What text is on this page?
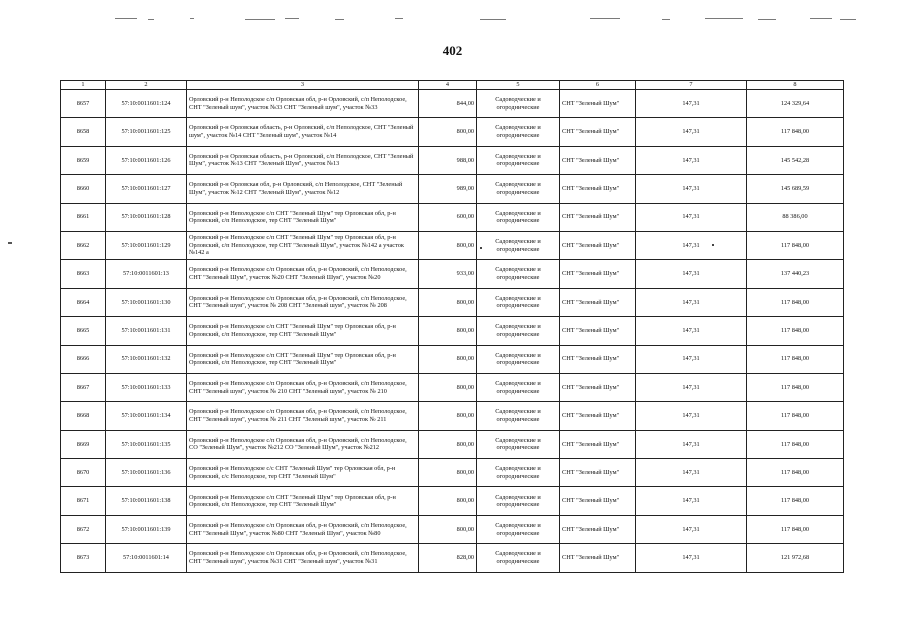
402
1	2	3	4	5	6	7	8
8657	57:10:0011601:124	Орловский р-н Неполодское с/п Орловская обл, р-н Орловский, с/п Неполодское, СНТ "Зеленый шум", участок №33 СНТ "Зеленый шум", участок №33	844,00	Садоводческие и огороднические	СНТ "Зеленый Шум"	147,31	124 329,64
8658	57:10:0011601:125	Орловский р-н Орловская область, р-н Орловский, с/п Неполодское, СНТ "Зеленый шум", участок №14 СНТ "Зеленый шум", участок №14	800,00	Садоводческие и огороднические	СНТ "Зеленый Шум"	147,31	117 848,00
8659	57:10:0011601:126	Орловский р-н Орловская область, р-н Орловский, с/п Неполодское, СНТ "Зеленый Шум", участок №13 СНТ "Зеленый Шум", участок №13	988,00	Садоводческие и огороднические	СНТ "Зеленый Шум"	147,31	145 542,28
8660	57:10:0011601:127	Орловский р-н Орловская обл, р-н Орловский, с/п Неполодское, СНТ "Зеленый Шум", участок №12 СНТ "Зеленый Шум", участок №12	989,00	Садоводческие и огороднические	СНТ "Зеленый Шум"	147,31	145 689,59
8661	57:10:0011601:128	Орловский р-н Неполодское с/п СНТ "Зеленый Шум" тер Орловская обл, р-н Орловский, с/п Неполодское, тер СНТ "Зеленый Шум"	600,00	Садоводческие и огороднические	СНТ "Зеленый Шум"	147,31	88 386,00
8662	57:10:0011601:129	Орловский р-н Неполодское с/п СНТ "Зеленый Шум" тер Орловская обл, р-н Орловский, с/п Неполодское, тер СНТ "Зеленый Шум", участок №142 а участок №142 а	800,00	Садоводческие и огороднические	СНТ "Зеленый Шум"	147,31	117 848,00
8663	57:10:0011601:13	Орловский р-н Неполодское с/п Орловская обл, р-н Орловский, с/п Неполодское, СНТ "Зеленый Шум", участок №20 СНТ "Зеленый Шум", участок №20	933,00	Садоводческие и огороднические	СНТ "Зеленый Шум"	147,31	137 440,23
8664	57:10:0011601:130	Орловский р-н Неполодское с/п Орловская обл, р-н Орловский, с/п Неполодское, СНТ "Зеленый шум", участок № 208 СНТ "Зеленый шум", участок № 208	800,00	Садоводческие и огороднические	СНТ "Зеленый Шум"	147,31	117 848,00
8665	57:10:0011601:131	Орловский р-н Неполодское с/п СНТ "Зеленый Шум" тер Орловская обл, р-н Орловский, с/п Неполодское, тер СНТ "Зеленый Шум"	800,00	Садоводческие и огороднические	СНТ "Зеленый Шум"	147,31	117 848,00
8666	57:10:0011601:132	Орловский р-н Неполодское с/п СНТ "Зеленый Шум" тер Орловская обл, р-н Орловский, с/п Неполодское, тер СНТ "Зеленый Шум"	800,00	Садоводческие и огороднические	СНТ "Зеленый Шум"	147,31	117 848,00
8667	57:10:0011601:133	Орловский р-н Неполодское с/п Орловская обл, р-н Орловский, с/п Неполодское, СНТ "Зеленый шум", участок № 210 СНТ "Зеленый шум", участок № 210	800,00	Садоводческие и огороднические	СНТ "Зеленый Шум"	147,31	117 848,00
8668	57:10:0011601:134	Орловский р-н Неполодское с/п Орловская обл, р-н Орловский, с/п Неполодское, СНТ "Зеленый шум", участок № 211 СНТ "Зеленый шум", участок № 211	800,00	Садоводческие и огороднические	СНТ "Зеленый Шум"	147,31	117 848,00
8669	57:10:0011601:135	Орловский р-н Неполодское с/п Орловская обл, р-н Орловский, с/п Неполодское, СО "Зеленый Шум", участок №212 СО "Зеленый Шум", участок №212	800,00	Садоводческие и огороднические	СНТ "Зеленый Шум"	147,31	117 848,00
8670	57:10:0011601:136	Орловский р-н Неполодское с/с СНТ "Зеленый Шум" тер Орловская обл, р-н Орловский, с/с Неполодское, тер СНТ "Зеленый Шум"	800,00	Садоводческие и огороднические	СНТ "Зеленый Шум"	147,31	117 848,00
8671	57:10:0011601:138	Орловский р-н Неполодское с/п СНТ "Зеленый Шум" тер Орловская обл, р-н Орловский, с/п Неполодское, тер СНТ "Зеленый Шум"	800,00	Садоводческие и огороднические	СНТ "Зеленый Шум"	147,31	117 848,00
8672	57:10:0011601:139	Орловский р-н Неполодское с/п Орловская обл, р-н Орловский, с/п Неполодское, СНТ "Зеленый Шум", участок №80 СНТ "Зеленый Шум", участок №80	800,00	Садоводческие и огороднические	СНТ "Зеленый Шум"	147,31	117 848,00
8673	57:10:0011601:14	Орловский р-н Неполодское с/п Орловская обл, р-н Орловский, с/п Неполодское, СНТ "Зеленый шум", участок №31 СНТ "Зеленый шум", участок №31	828,00	Садоводческие и огороднические	СНТ "Зеленый Шум"	147,31	121 972,68
